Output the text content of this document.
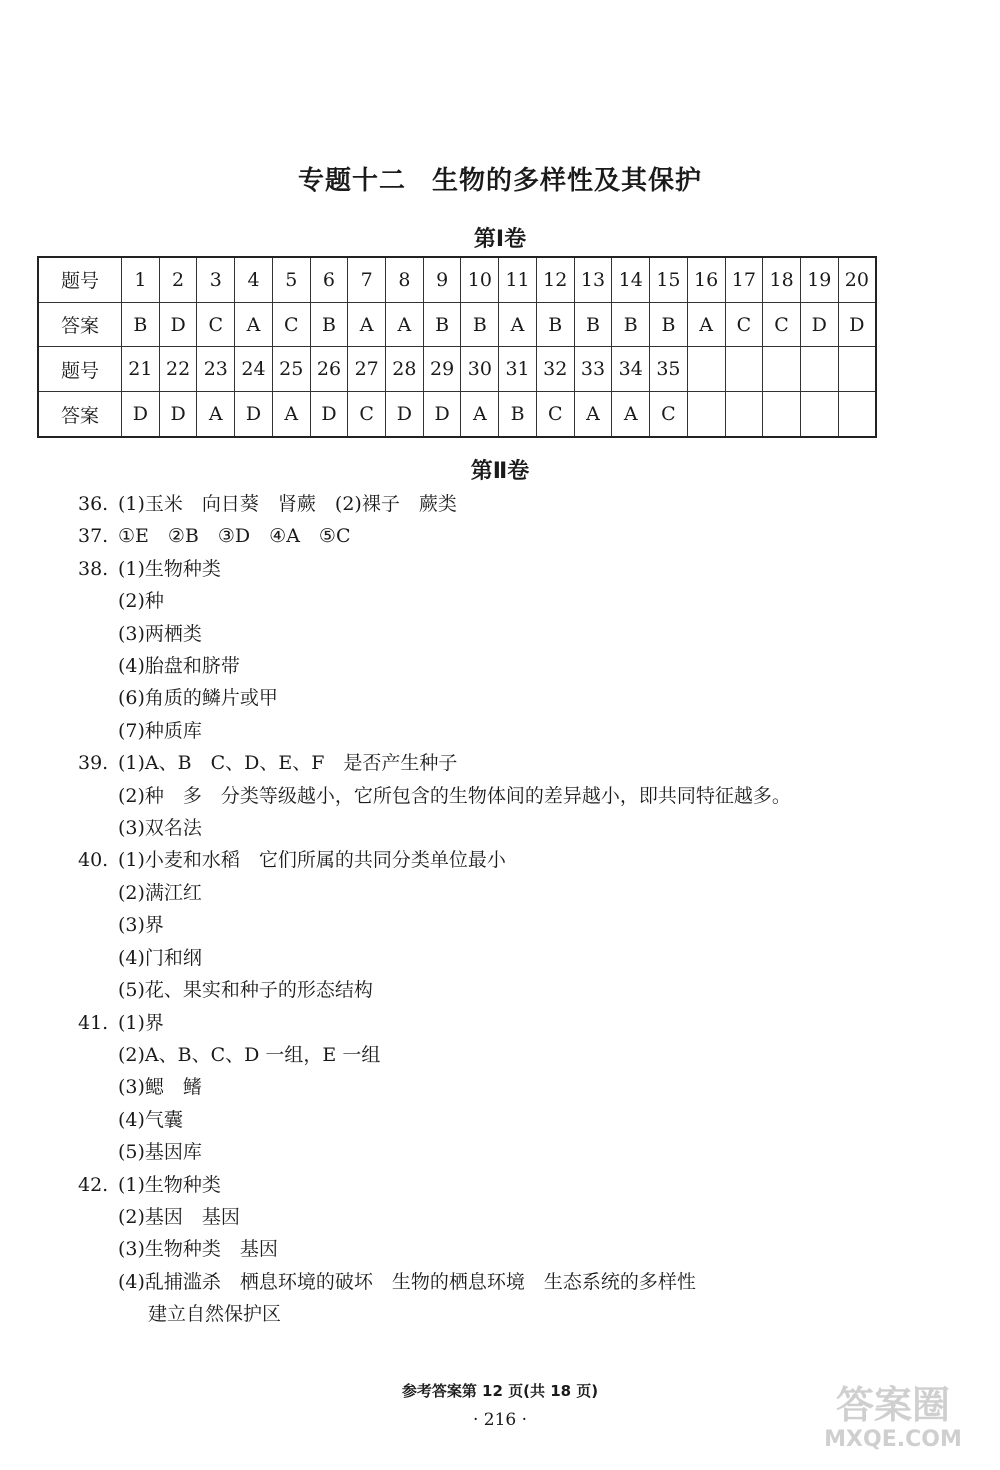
专题十二 生物的多样性及其保护
第Ⅰ卷
题号	1	2	3	4	5	6	7	8	9	10	11	12	13	14	15	16	17	18	19	20
答案	B	D	C	A	C	B	A	A	B	B	A	B	B	B	B	A	C	C	D	D
题号	21	22	23	24	25	26	27	28	29	30	31	32	33	34	35					
答案	D	D	A	D	A	D	C	D	D	A	B	C	A	A	C					
第Ⅱ卷
36. (1)玉米　向日葵　肾蕨　(2)裸子　蕨类
37. ①E　②B　③D　④A　⑤C
38. (1)生物种类
(2)种
(3)两栖类
(4)胎盘和脐带
(6)角质的鳞片或甲
(7)种质库
39. (1)A、B　C、D、E、F　是否产生种子
(2)种　多　分类等级越小，它所包含的生物体间的差异越小，即共同特征越多。
(3)双名法
40. (1)小麦和水稻　它们所属的共同分类单位最小
(2)满江红
(3)界
(4)门和纲
(5)花、果实和种子的形态结构
41. (1)界
(2)A、B、C、D 一组，E 一组
(3)鳃　鳍
(4)气囊
(5)基因库
42. (1)生物种类
(2)基因　基因
(3)生物种类　基因
(4)乱捕滥杀　栖息环境的破坏　生物的栖息环境　生态系统的多样性
建立自然保护区
参考答案第 12 页(共 18 页)
· 216 ·	答案圈
MXQE.COM
